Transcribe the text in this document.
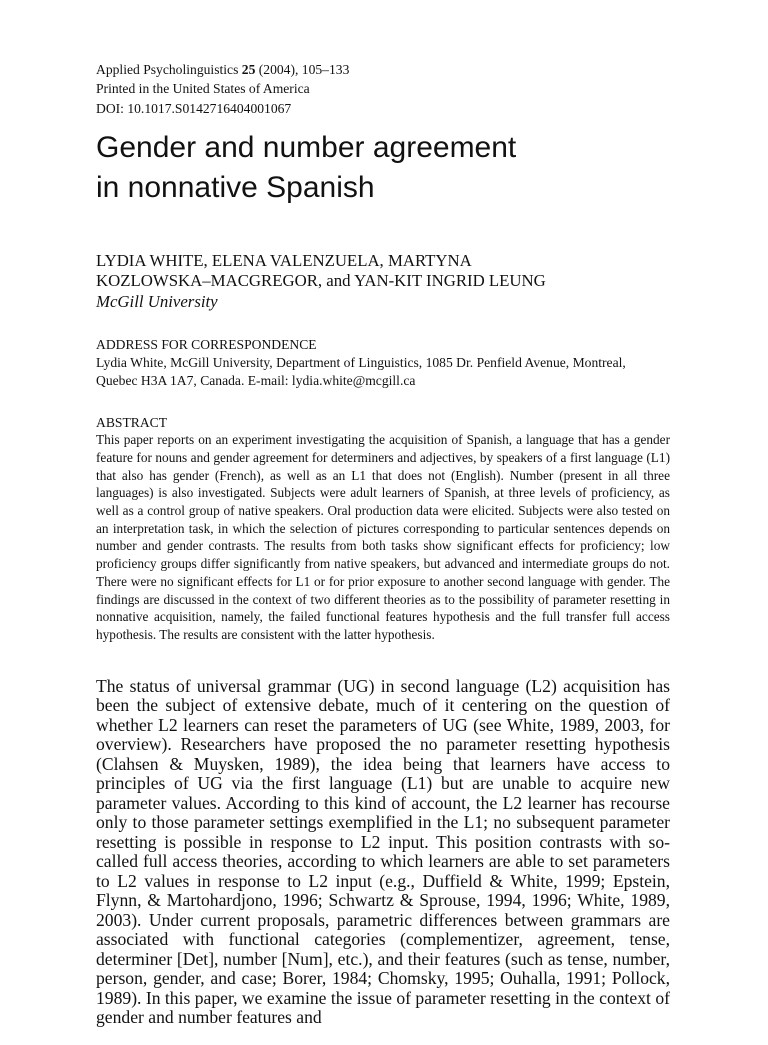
Applied Psycholinguistics 25 (2004), 105–133

Printed in the United States of America

DOI: 10.1017.S0142716404001067

Gender and number agreement
in nonnative Spanish
LYDIA WHITE, ELENA VALENZUELA, MARTYNA
KOZLOWSKA–MACGREGOR, and YAN-KIT INGRID LEUNG
McGill University

ADDRESS FOR CORRESPONDENCE

Lydia White, McGill University, Department of Linguistics, 1085 Dr. Penfield Avenue, Montreal, Quebec H3A 1A7, Canada. E-mail: lydia.white@mcgill.ca

ABSTRACT

This paper reports on an experiment investigating the acquisition of Spanish, a language that has a gender feature for nouns and gender agreement for determiners and adjectives, by speakers of a first language (L1) that also has gender (French), as well as an L1 that does not (English). Number (present in all three languages) is also investigated. Subjects were adult learners of Spanish, at three levels of proficiency, as well as a control group of native speakers. Oral production data were elicited. Subjects were also tested on an interpretation task, in which the selection of pictures corresponding to particular sentences depends on number and gender contrasts. The results from both tasks show significant effects for proficiency; low proficiency groups differ significantly from native speakers, but advanced and intermediate groups do not. There were no significant effects for L1 or for prior exposure to another second language with gender. The findings are discussed in the context of two different theories as to the possibility of parameter resetting in nonnative acquisition, namely, the failed functional features hypothesis and the full transfer full access hypothesis. The results are consistent with the latter hypothesis.

The status of universal grammar (UG) in second language (L2) acquisition has been the subject of extensive debate, much of it centering on the question of whether L2 learners can reset the parameters of UG (see White, 1989, 2003, for overview). Researchers have proposed the no parameter resetting hypothesis (Clahsen & Muysken, 1989), the idea being that learners have access to principles of UG via the first language (L1) but are unable to acquire new parameter values. According to this kind of account, the L2 learner has recourse only to those parameter settings exemplified in the L1; no subsequent parameter resetting is possible in response to L2 input. This position contrasts with so-called full access theories, according to which learners are able to set parameters to L2 values in response to L2 input (e.g., Duffield & White, 1999; Epstein, Flynn, & Martohardjono, 1996; Schwartz & Sprouse, 1994, 1996; White, 1989, 2003). Under current proposals, parametric differences between grammars are associated with functional categories (complementizer, agreement, tense, determiner [Det], number [Num], etc.), and their features (such as tense, number, person, gender, and case; Borer, 1984; Chomsky, 1995; Ouhalla, 1991; Pollock, 1989). In this paper, we examine the issue of parameter resetting in the context of gender and number features and
